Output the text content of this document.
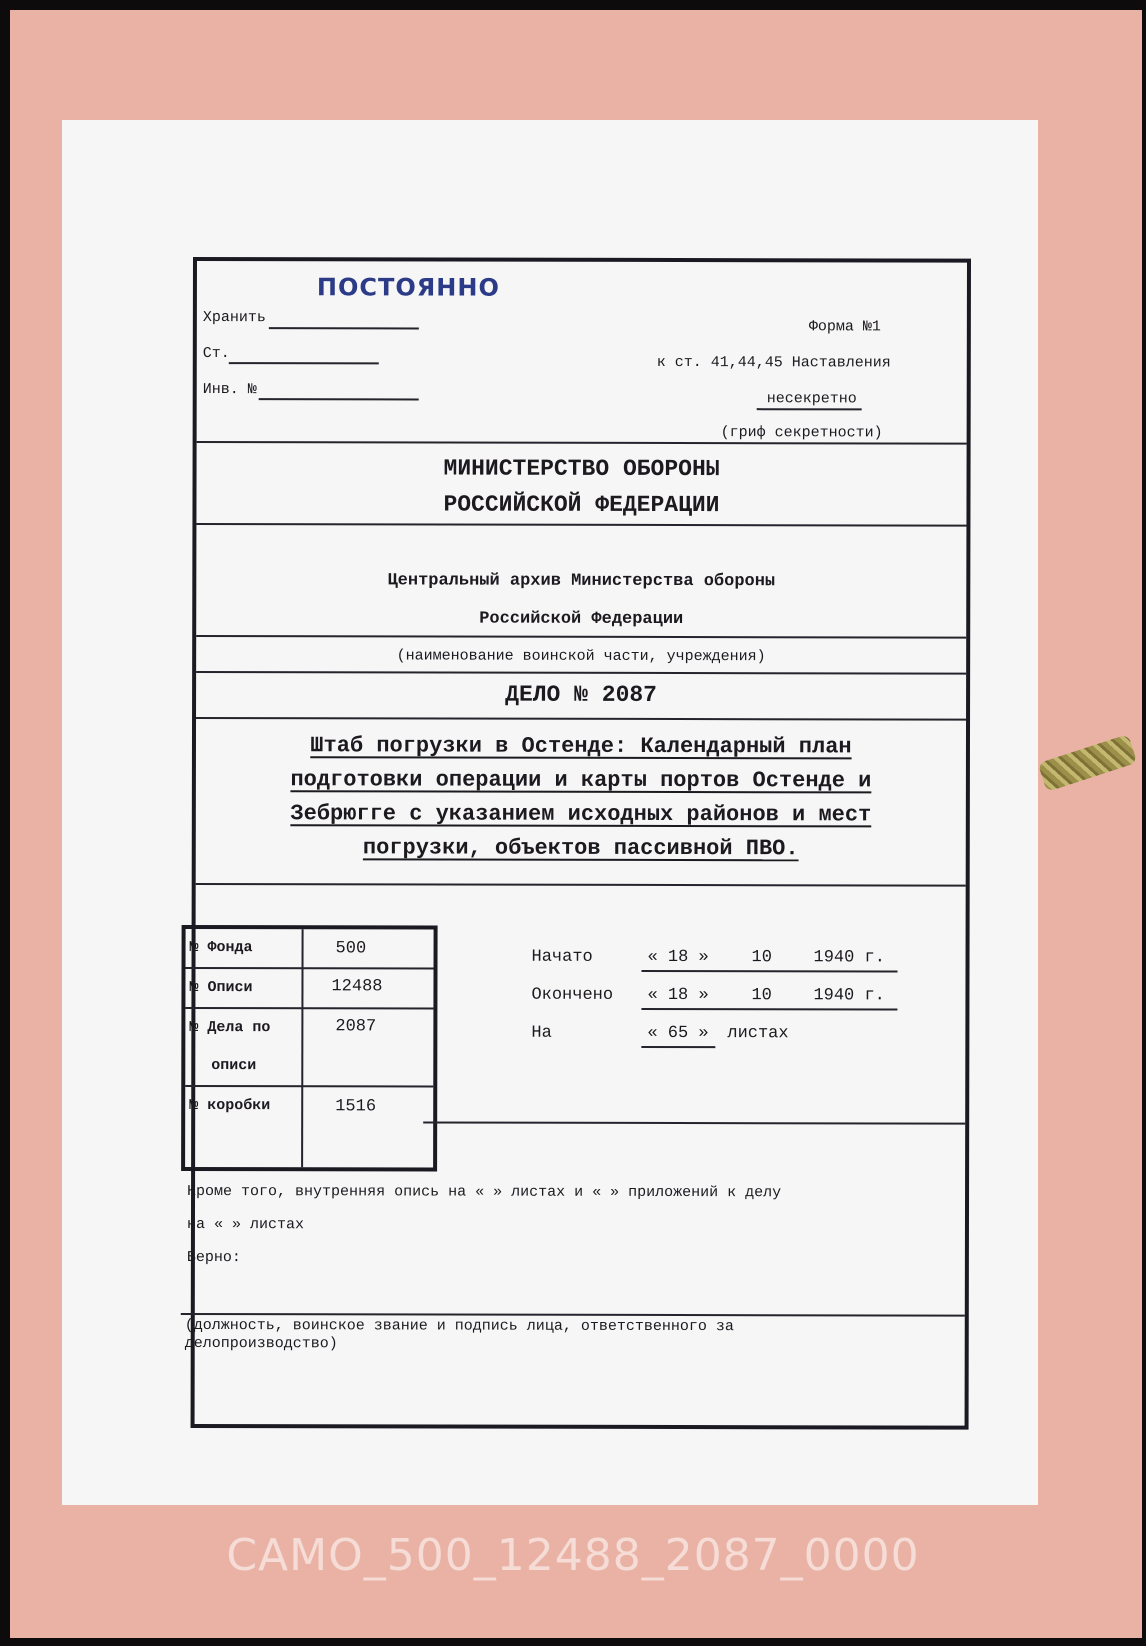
ПОСТОЯННО
Хранить
Ст.
Инв. №
Форма №1
к ст. 41,44,45 Наставления
несекретно
(гриф секретности)
МИНИСТЕРСТВО ОБОРОНЫ
РОССИЙСКОЙ ФЕДЕРАЦИИ
Центральный архив Министерства обороны
Российской Федерации
(наименование воинской части, учреждения)
ДЕЛО № 2087
Штаб погрузки в Остенде: Календарный план
подготовки операции и карты портов Остенде и
Зебрюгге с указанием исходных районов и мест
погрузки, объектов пассивной ПВО.
№ Фонда	500
№ Описи	12488
№ Дела по	2087
описи
№ коробки	1516
Начато	« 18 »	10 1940 г.
Окончено « 18 »	10 1940 г.
На	« 65 » листах
Кроме того, внутренняя опись на « » листах и « » приложений к делу
на « » листах
Верно:
(должность, воинское звание и подпись лица, ответственного за
делопроизводство)
CAMO_500_12488_2087_0000
